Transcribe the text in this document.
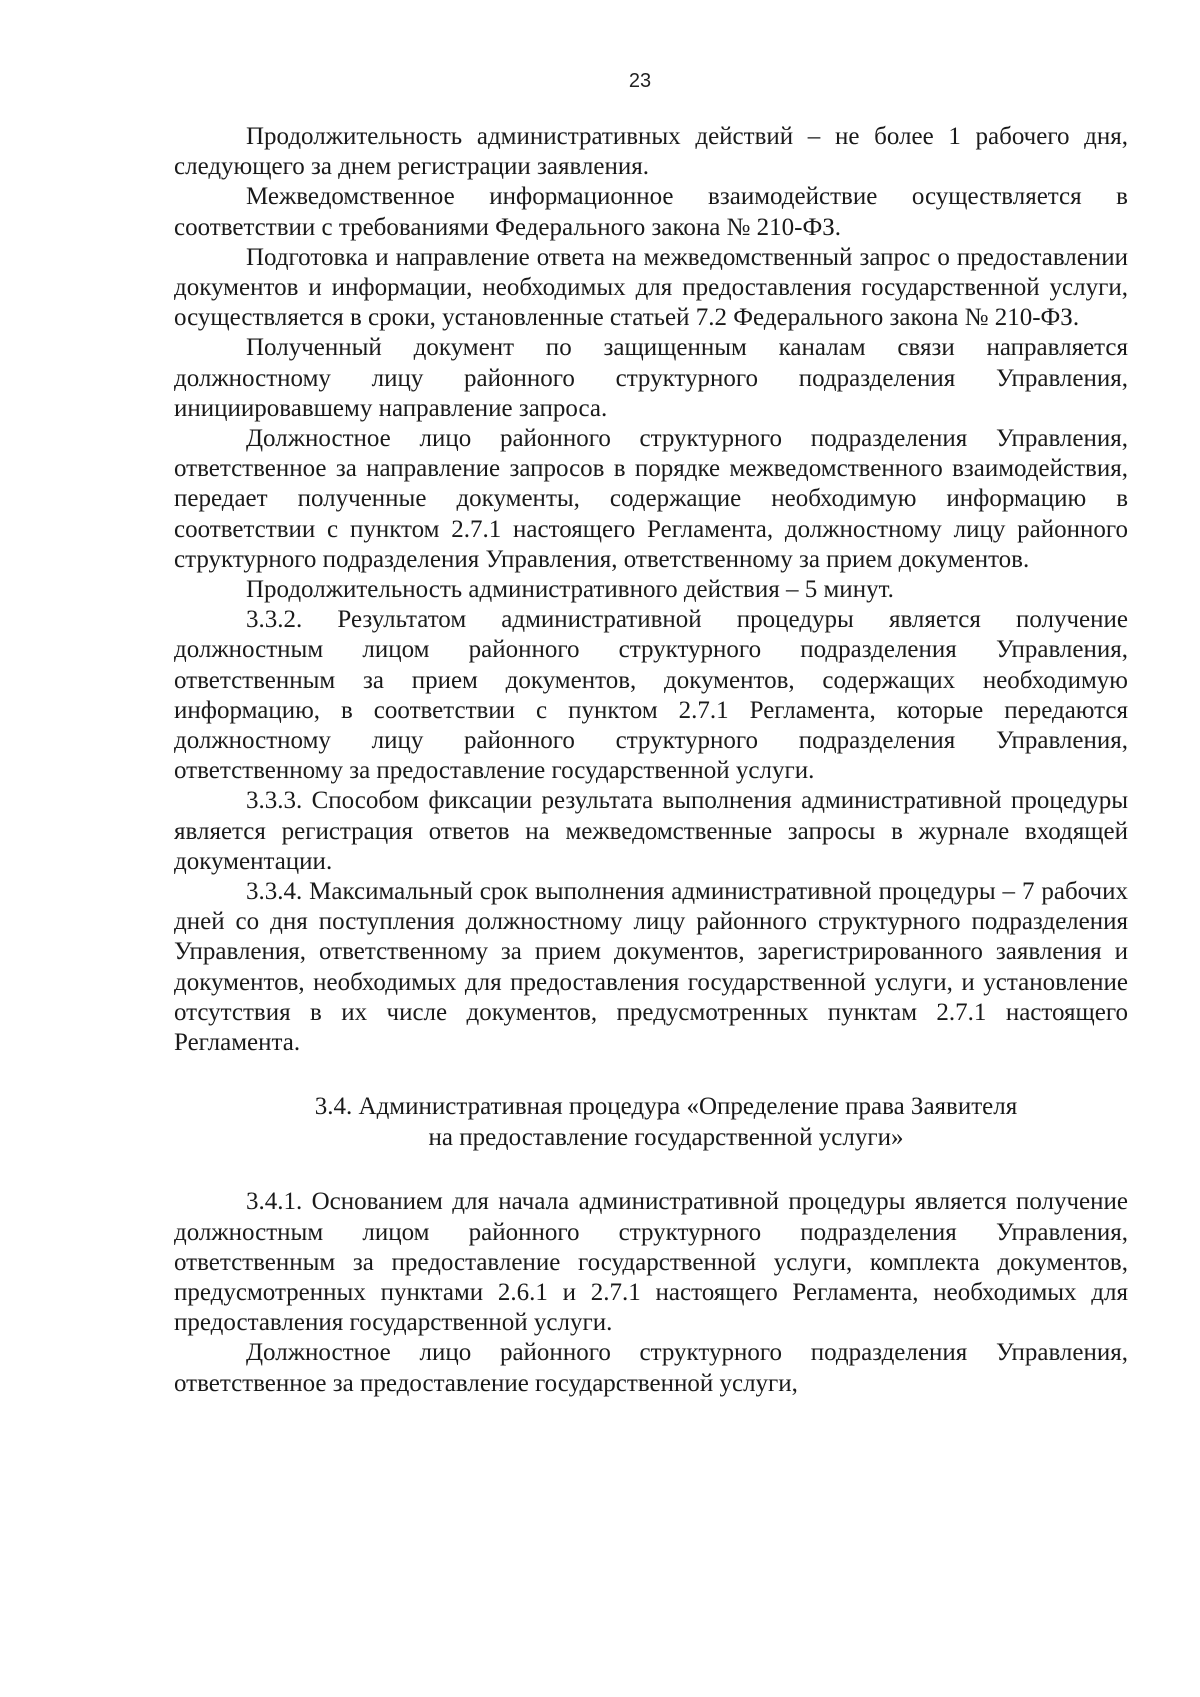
23

Продолжительность административных действий – не более 1 рабочего дня, следующего за днем регистрации заявления.

Межведомственное информационное взаимодействие осуществляется в соответствии с требованиями Федерального закона № 210-ФЗ.

Подготовка и направление ответа на межведомственный запрос о предоставлении документов и информации, необходимых для предоставления государственной услуги, осуществляется в сроки, установленные статьей 7.2 Федерального закона № 210-ФЗ.

Полученный документ по защищенным каналам связи направляется должностному лицу районного структурного подразделения Управления, инициировавшему направление запроса.

Должностное лицо районного структурного подразделения Управления, ответственное за направление запросов в порядке межведомственного взаимодействия, передает полученные документы, содержащие необходимую информацию в соответствии с пунктом 2.7.1 настоящего Регламента, должностному лицу районного структурного подразделения Управления, ответственному за прием документов.

Продолжительность административного действия – 5 минут.

3.3.2. Результатом административной процедуры является получение должностным лицом районного структурного подразделения Управления, ответственным за прием документов, документов, содержащих необходимую информацию, в соответствии с пунктом 2.7.1 Регламента, которые передаются должностному лицу районного структурного подразделения Управления, ответственному за предоставление государственной услуги.

3.3.3. Способом фиксации результата выполнения административной процедуры является регистрация ответов на межведомственные запросы в журнале входящей документации.

3.3.4. Максимальный срок выполнения административной процедуры – 7 рабочих дней со дня поступления должностному лицу районного структурного подразделения Управления, ответственному за прием документов, зарегистрированного заявления и документов, необходимых для предоставления государственной услуги, и установление отсутствия в их числе документов, предусмотренных пунктам 2.7.1 настоящего Регламента.

3.4. Административная процедура «Определение права Заявителя
на предоставление государственной услуги»

3.4.1. Основанием для начала административной процедуры является получение должностным лицом районного структурного подразделения Управления, ответственным за предоставление государственной услуги, комплекта документов, предусмотренных пунктами 2.6.1 и 2.7.1 настоящего Регламента, необходимых для предоставления государственной услуги.

Должностное лицо районного структурного подразделения Управления, ответственное за предоставление государственной услуги,
